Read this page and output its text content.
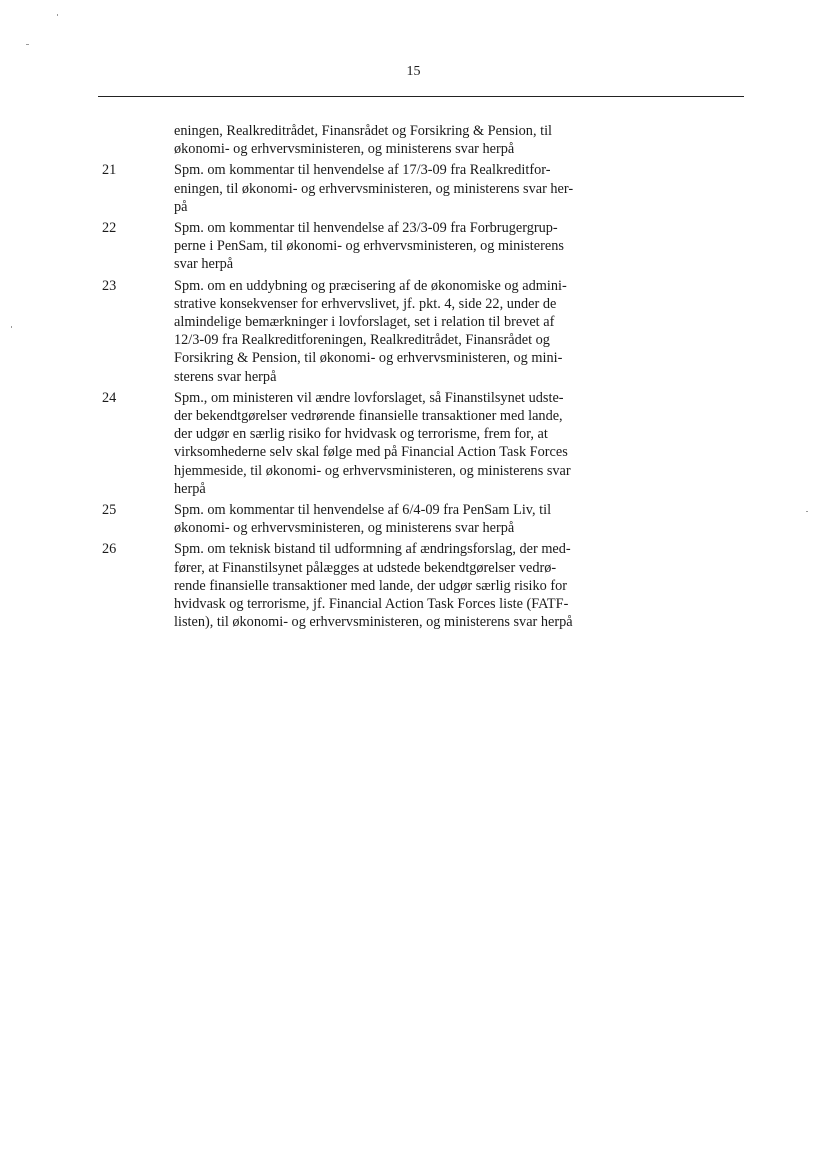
15
eningen, Realkreditrådet, Finansrådet og Forsikring & Pension, til
økonomi- og erhvervsministeren, og ministerens svar herpå
21	Spm. om kommentar til henvendelse af 17/3-09 fra Realkreditfor-
eningen, til økonomi- og erhvervsministeren, og ministerens svar her-
på
22	Spm. om kommentar til henvendelse af 23/3-09 fra Forbrugergrup-
perne i PenSam, til økonomi- og erhvervsministeren, og ministerens
svar herpå
23	Spm. om en uddybning og præcisering af de økonomiske og admini-
strative konsekvenser for erhvervslivet, jf. pkt. 4, side 22, under de
almindelige bemærkninger i lovforslaget, set i relation til brevet af
12/3-09 fra Realkreditforeningen, Realkreditrådet, Finansrådet og
Forsikring & Pension, til økonomi- og erhvervsministeren, og mini-
sterens svar herpå
24	Spm., om ministeren vil ændre lovforslaget, så Finanstilsynet udste-
der bekendtgørelser vedrørende finansielle transaktioner med lande,
der udgør en særlig risiko for hvidvask og terrorisme, frem for, at
virksomhederne selv skal følge med på Financial Action Task Forces
hjemmeside, til økonomi- og erhvervsministeren, og ministerens svar
herpå
25	Spm. om kommentar til henvendelse af 6/4-09 fra PenSam Liv, til
økonomi- og erhvervsministeren, og ministerens svar herpå
26	Spm. om teknisk bistand til udformning af ændringsforslag, der med-
fører, at Finanstilsynet pålægges at udstede bekendtgørelser vedrø-
rende finansielle transaktioner med lande, der udgør særlig risiko for
hvidvask og terrorisme, jf. Financial Action Task Forces liste (FATF-
listen), til økonomi- og erhvervsministeren, og ministerens svar herpå
